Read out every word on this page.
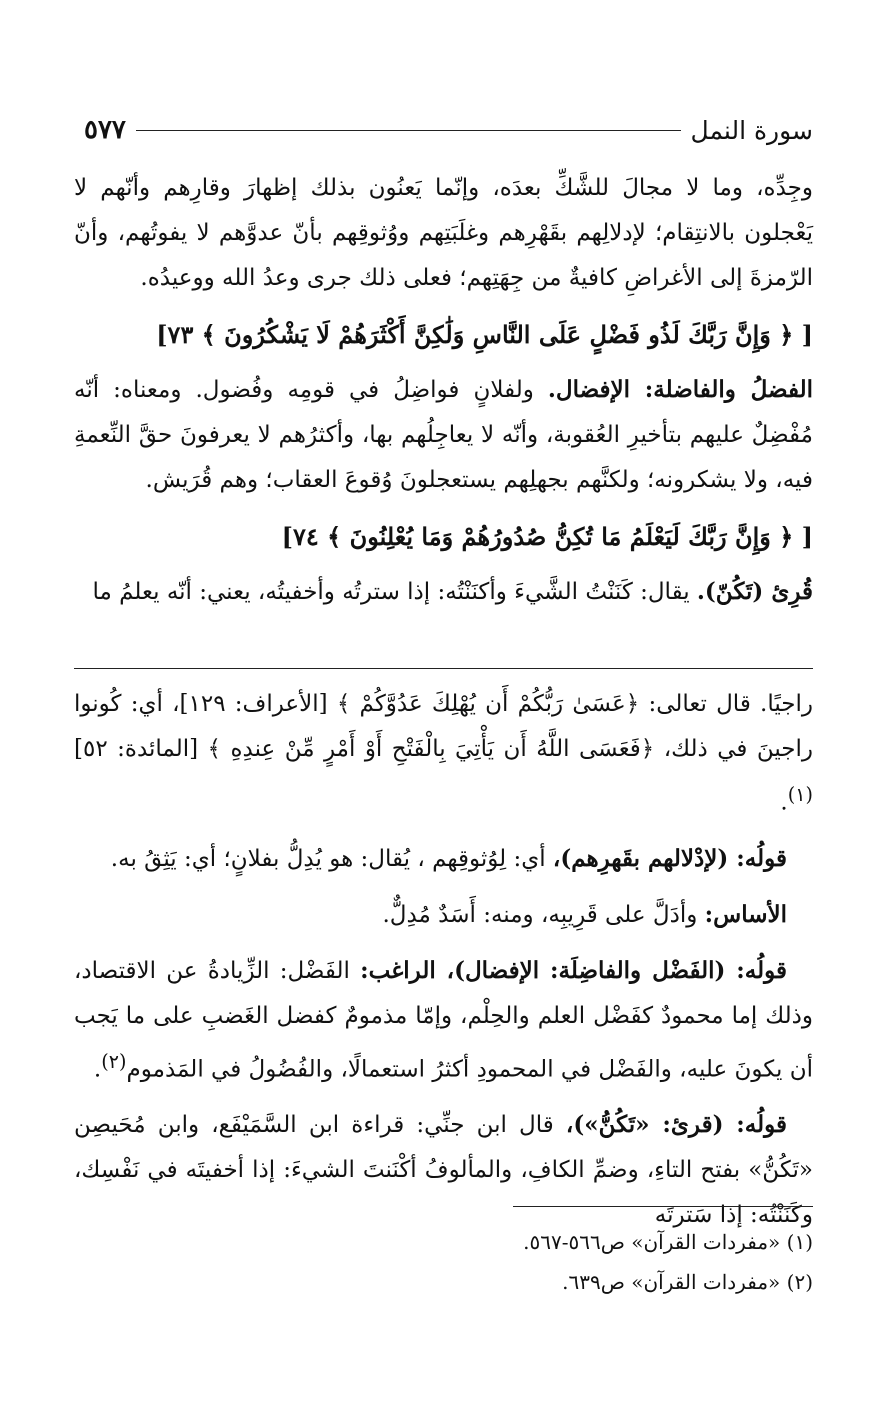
سورة النمل
٥٧٧

وجِدِّه، وما لا مجالَ للشَّكِّ بعدَه، وإنّما يَعنُون بذلك إظهارَ وقارِهم وأنّهم لا يَعْجلون بالانتِقام؛ لإدلالِهم بقَهْرِهم وغلَبَتِهم ووُثوقِهم بأنّ عدوَّهم لا يفوتُهم، وأنّ الرّمزةَ إلى الأغراضِ كافيةٌ من جِهَتِهم؛ فعلى ذلك جرى وعدُ الله ووعيدُه.

[ ﴿ وَإِنَّ رَبَّكَ لَذُو فَضْلٍ عَلَى النَّاسِ وَلَٰكِنَّ أَكْثَرَهُمْ لَا يَشْكُرُونَ ﴾ ٧٣]

الفضلُ والفاضلة: الإفضال. ولفلانٍ فواضِلُ في قومِه وفُضول. ومعناه: أنّه مُفْضِلٌ عليهم بتأخيرِ العُقوبة، وأنّه لا يعاجِلُهم بها، وأكثرُهم لا يعرفونَ حقَّ النِّعمةِ فيه، ولا يشكرونه؛ ولكنَّهم بجهلِهم يستعجلونَ وُقوعَ العقاب؛ وهم قُرَيش.

[ ﴿ وَإِنَّ رَبَّكَ لَيَعْلَمُ مَا تُكِنُّ صُدُورُهُمْ وَمَا يُعْلِنُونَ ﴾ ٧٤]

قُرِئ (تَكُنّ). يقال: كَنَنْتُ الشَّيءَ وأكنَنْتُه: إذا سترتُه وأخفيتُه، يعني: أنّه يعلمُ ما

راجيًا. قال تعالى: ﴿عَسَىٰ رَبُّكُمْ أَن يُهْلِكَ عَدُوَّكُمْ ﴾ [الأعراف: ١٢٩]، أي: كُونوا راجينَ في ذلك، ﴿فَعَسَى اللَّهُ أَن يَأْتِيَ بِالْفَتْحِ أَوْ أَمْرٍ مِّنْ عِندِهِ ﴾ [المائدة: ٥٢]$^{(١)}$.

قولُه: (لإدْلالهم بقَهرِهم)، أي: لِوُثوقِهم ، يُقال: هو يُدِلُّ بفلانٍ؛ أي: يَثِقُ به.

الأساس: وأدَلَّ على قَرِيبِه، ومنه: أَسَدٌ مُدِلٌّ.

قولُه: (الفَضْل والفاضِلَة: الإفضال)، الراغب: الفَضْل: الزِّيادةُ عن الاقتصاد، وذلك إما محمودٌ كفَضْل العلم والحِلْم، وإمّا مذمومٌ كفضل الغَضبِ على ما يَجب أن يكونَ عليه، والفَضْل في المحمودِ أكثرُ استعمالًا، والفُضُولُ في المَذموم$^{(٢)}$.

قولُه: (قرئ: «تَكُنُّ»)، قال ابن جنِّي: قراءة ابن السَّمَيْفَع، وابن مُحَيصِن «تَكُنُّ» بفتح التاءِ، وضمِّ الكافِ، والمألوفُ أكْنَنتَ الشيءَ: إذا أخفيتَه في نَفْسِك، وكَنَنْتُه: إذا سَترتَه

(١) «مفردات القرآن» ص٥٦٦-٥٦٧.

(٢) «مفردات القرآن» ص٦٣٩.
